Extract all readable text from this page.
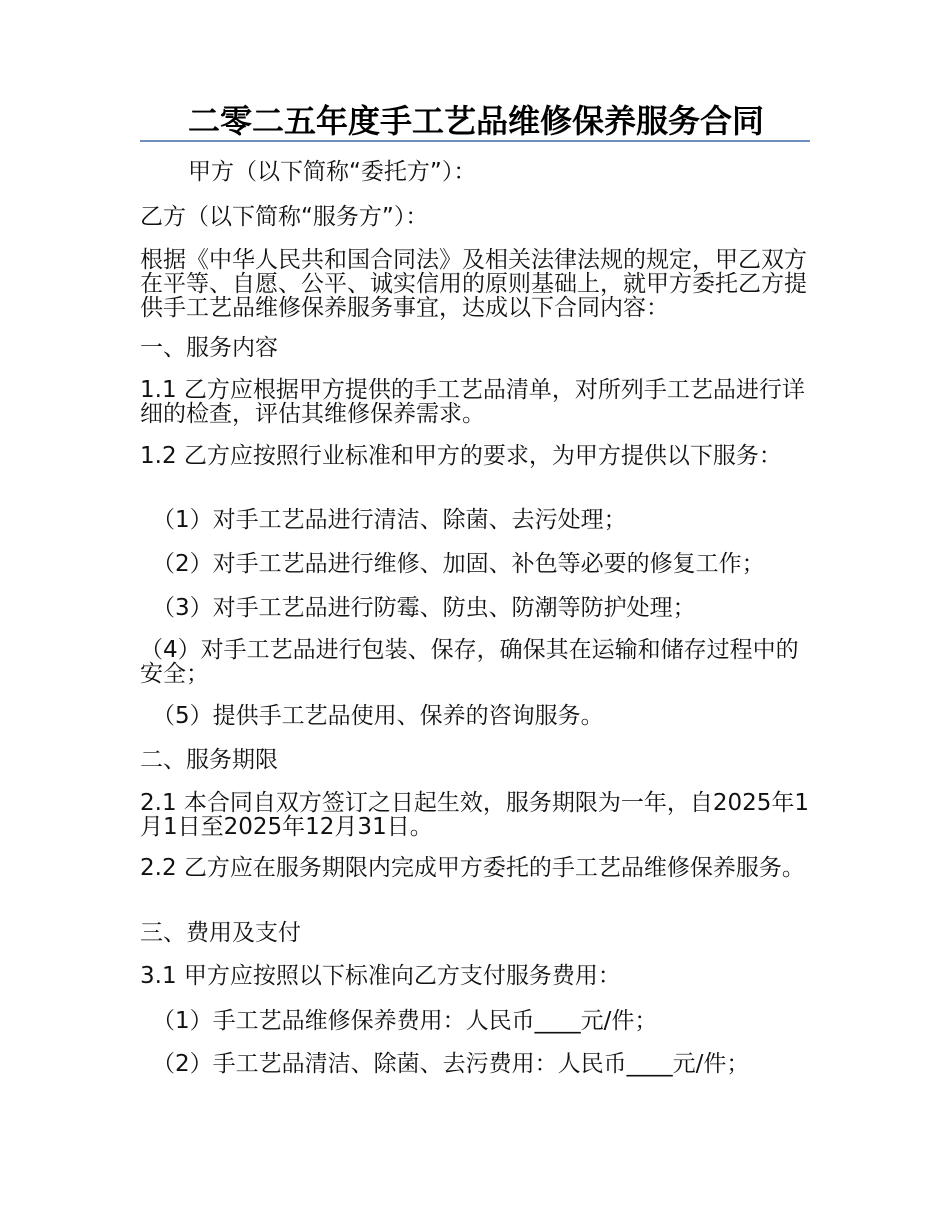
二零二五年度手工艺品维修保养服务合同

甲方（以下简称“委托方”）：

乙方（以下简称“服务方”）：

根据《中华人民共和国合同法》及相关法律法规的规定，甲乙双方在平等、自愿、公平、诚实信用的原则基础上，就甲方委托乙方提供手工艺品维修保养服务事宜，达成以下合同内容：

一、服务内容

1.1 乙方应根据甲方提供的手工艺品清单，对所列手工艺品进行详细的检查，评估其维修保养需求。

1.2 乙方应按照行业标准和甲方的要求，为甲方提供以下服务：

（1）对手工艺品进行清洁、除菌、去污处理；

（2）对手工艺品进行维修、加固、补色等必要的修复工作；

（3）对手工艺品进行防霉、防虫、防潮等防护处理；

（4）对手工艺品进行包装、保存，确保其在运输和储存过程中的安全；

（5）提供手工艺品使用、保养的咨询服务。

二、服务期限

2.1 本合同自双方签订之日起生效，服务期限为一年，自2025年1月1日至2025年12月31日。

2.2 乙方应在服务期限内完成甲方委托的手工艺品维修保养服务。

三、费用及支付

3.1 甲方应按照以下标准向乙方支付服务费用：

（1）手工艺品维修保养费用：人民币____元/件；

（2）手工艺品清洁、除菌、去污费用：人民币____元/件；
